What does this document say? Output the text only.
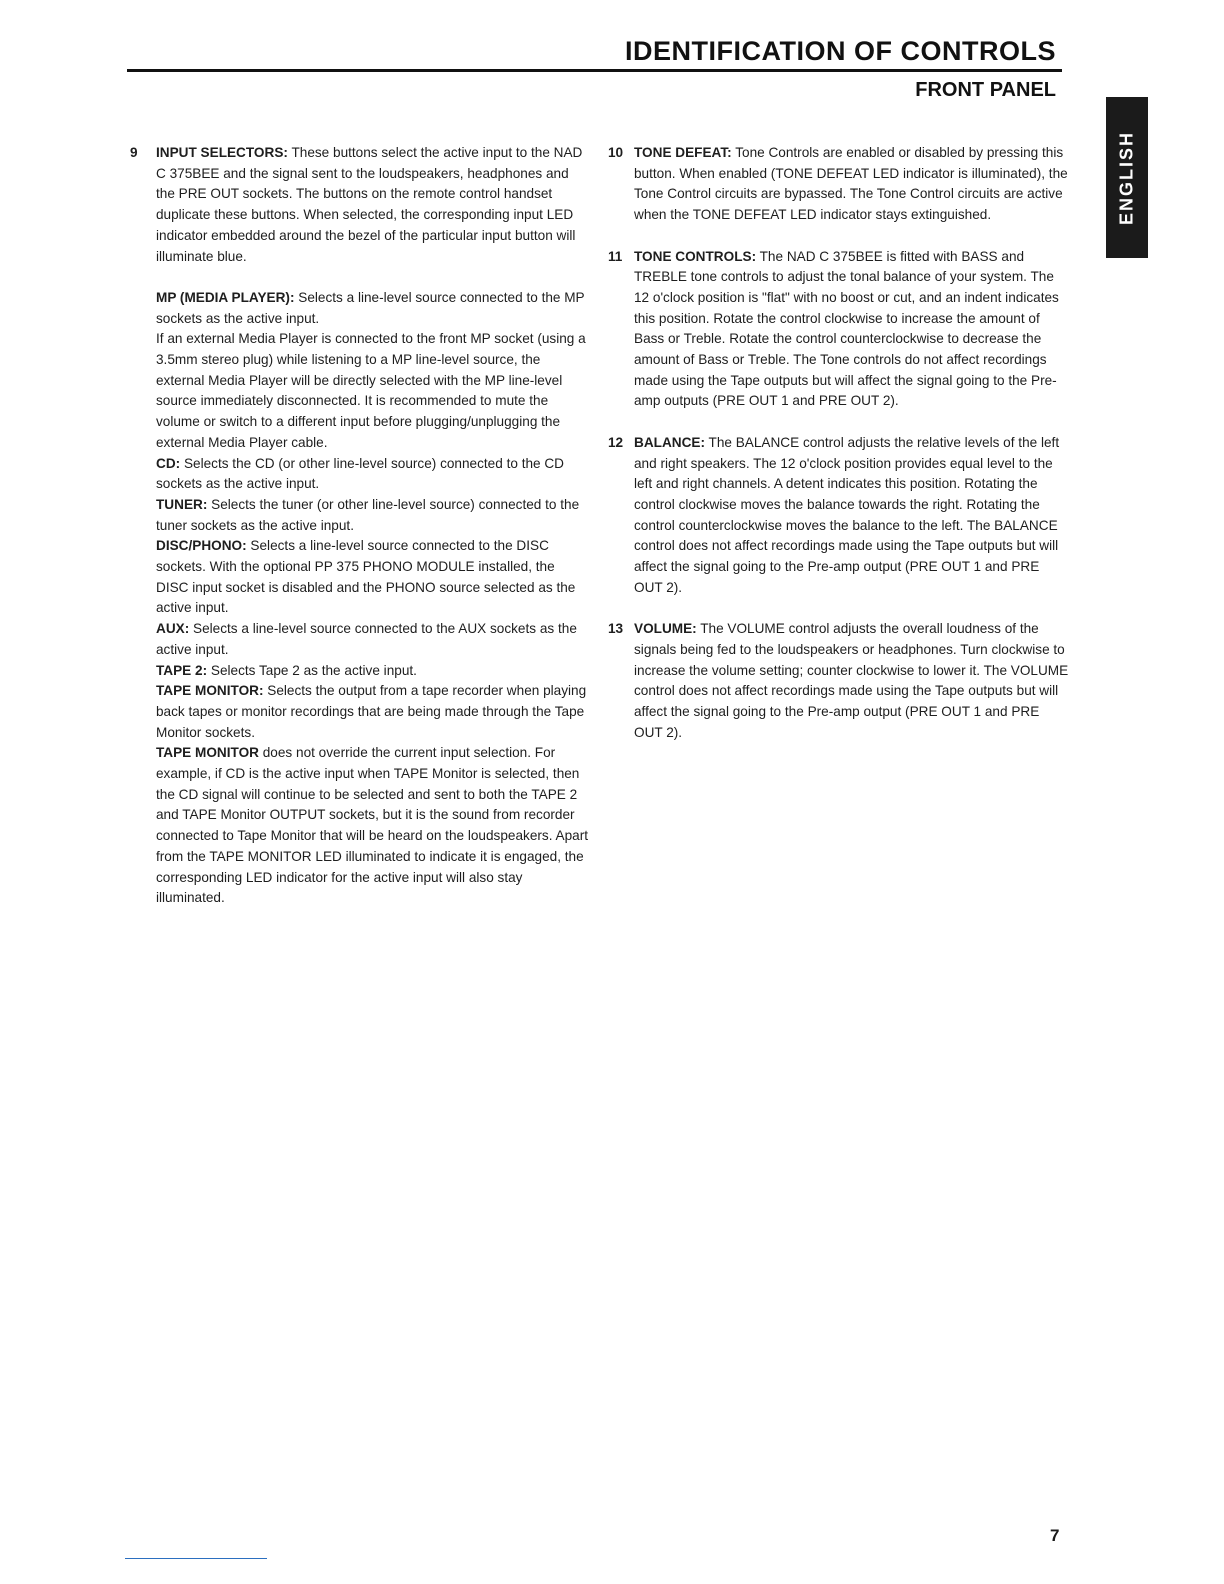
IDENTIFICATION OF CONTROLS
FRONT PANEL
ENGLISH
9 INPUT SELECTORS: These buttons select the active input to the NAD C 375BEE and the signal sent to the loudspeakers, headphones and the PRE OUT sockets. The buttons on the remote control handset duplicate these buttons. When selected, the corresponding input LED indicator embedded around the bezel of the particular input button will illuminate blue.
MP (MEDIA PLAYER): Selects a line-level source connected to the MP sockets as the active input.
If an external Media Player is connected to the front MP socket (using a 3.5mm stereo plug) while listening to a MP line-level source, the external Media Player will be directly selected with the MP line-level source immediately disconnected. It is recommended to mute the volume or switch to a different input before plugging/unplugging the external Media Player cable.
CD: Selects the CD (or other line-level source) connected to the CD sockets as the active input.
TUNER: Selects the tuner (or other line-level source) connected to the tuner sockets as the active input.
DISC/PHONO: Selects a line-level source connected to the DISC sockets. With the optional PP 375 PHONO MODULE installed, the DISC input socket is disabled and the PHONO source selected as the active input.
AUX: Selects a line-level source connected to the AUX sockets as the active input.
TAPE 2: Selects Tape 2 as the active input.
TAPE MONITOR: Selects the output from a tape recorder when playing back tapes or monitor recordings that are being made through the Tape Monitor sockets.
TAPE MONITOR does not override the current input selection. For example, if CD is the active input when TAPE Monitor is selected, then the CD signal will continue to be selected and sent to both the TAPE 2 and TAPE Monitor OUTPUT sockets, but it is the sound from recorder connected to Tape Monitor that will be heard on the loudspeakers. Apart from the TAPE MONITOR LED illuminated to indicate it is engaged, the corresponding LED indicator for the active input will also stay illuminated.
10 TONE DEFEAT: Tone Controls are enabled or disabled by pressing this button. When enabled (TONE DEFEAT LED indicator is illuminated), the Tone Control circuits are bypassed. The Tone Control circuits are active when the TONE DEFEAT LED indicator stays extinguished.
11 TONE CONTROLS: The NAD C 375BEE is fitted with BASS and TREBLE tone controls to adjust the tonal balance of your system. The 12 o'clock position is "flat" with no boost or cut, and an indent indicates this position. Rotate the control clockwise to increase the amount of Bass or Treble. Rotate the control counterclockwise to decrease the amount of Bass or Treble. The Tone controls do not affect recordings made using the Tape outputs but will affect the signal going to the Pre-amp outputs (PRE OUT 1 and PRE OUT 2).
12 BALANCE: The BALANCE control adjusts the relative levels of the left and right speakers. The 12 o'clock position provides equal level to the left and right channels. A detent indicates this position. Rotating the control clockwise moves the balance towards the right. Rotating the control counterclockwise moves the balance to the left. The BALANCE control does not affect recordings made using the Tape outputs but will affect the signal going to the Pre-amp output (PRE OUT 1 and PRE OUT 2).
13 VOLUME: The VOLUME control adjusts the overall loudness of the signals being fed to the loudspeakers or headphones. Turn clockwise to increase the volume setting; counter clockwise to lower it. The VOLUME control does not affect recordings made using the Tape outputs but will affect the signal going to the Pre-amp output (PRE OUT 1 and PRE OUT 2).
7
